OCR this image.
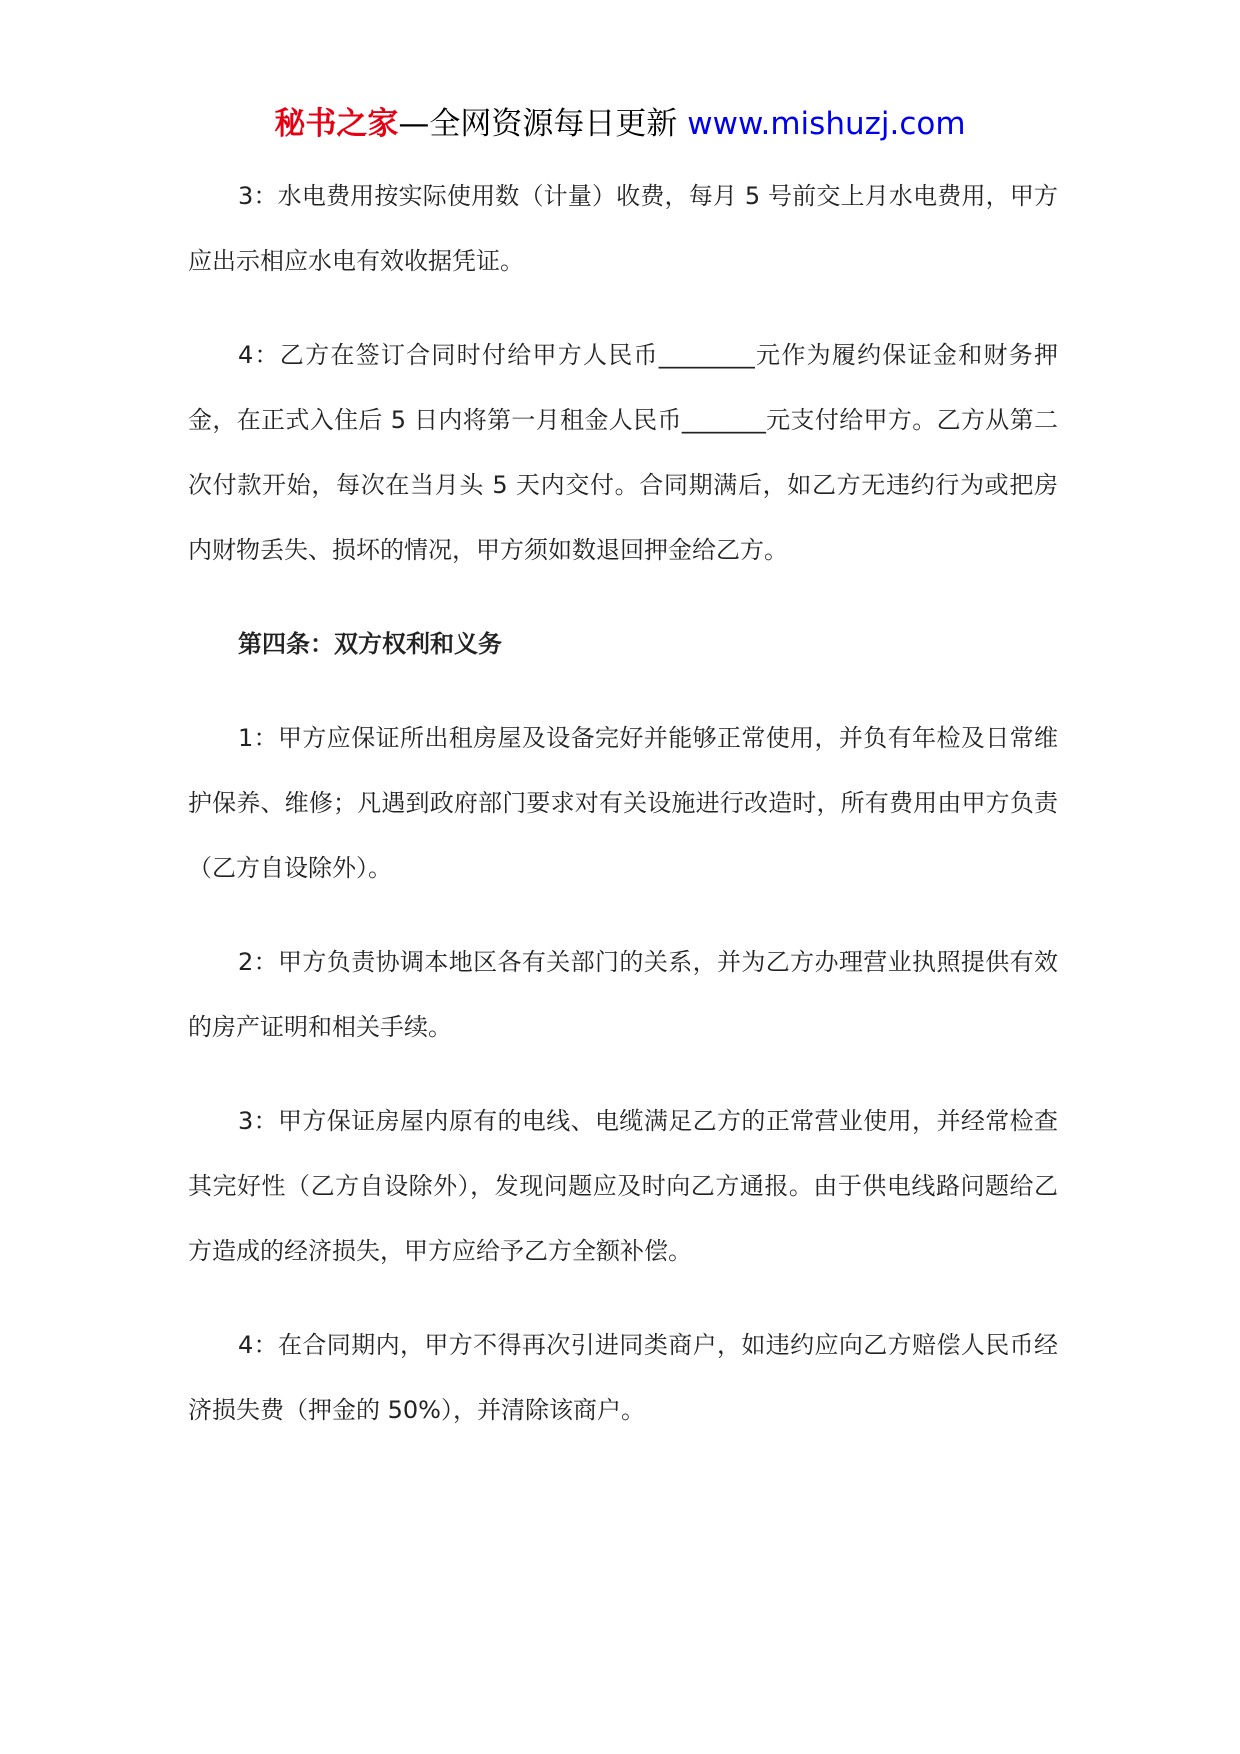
秘书之家—全网资源每日更新 www.mishuzj.com

3：水电费用按实际使用数（计量）收费，每月 5 号前交上月水电费用，甲方应出示相应水电有效收据凭证。

4：乙方在签订合同时付给甲方人民币________元作为履约保证金和财务押金，在正式入住后 5 日内将第一月租金人民币_______元支付给甲方。乙方从第二次付款开始，每次在当月头 5 天内交付。合同期满后，如乙方无违约行为或把房内财物丢失、损坏的情况，甲方须如数退回押金给乙方。

第四条：双方权利和义务

1：甲方应保证所出租房屋及设备完好并能够正常使用，并负有年检及日常维护保养、维修；凡遇到政府部门要求对有关设施进行改造时，所有费用由甲方负责（乙方自设除外）。

2：甲方负责协调本地区各有关部门的关系，并为乙方办理营业执照提供有效的房产证明和相关手续。

3：甲方保证房屋内原有的电线、电缆满足乙方的正常营业使用，并经常检查其完好性（乙方自设除外），发现问题应及时向乙方通报。由于供电线路问题给乙方造成的经济损失，甲方应给予乙方全额补偿。

4：在合同期内，甲方不得再次引进同类商户，如违约应向乙方赔偿人民币经济损失费（押金的 50%），并清除该商户。
